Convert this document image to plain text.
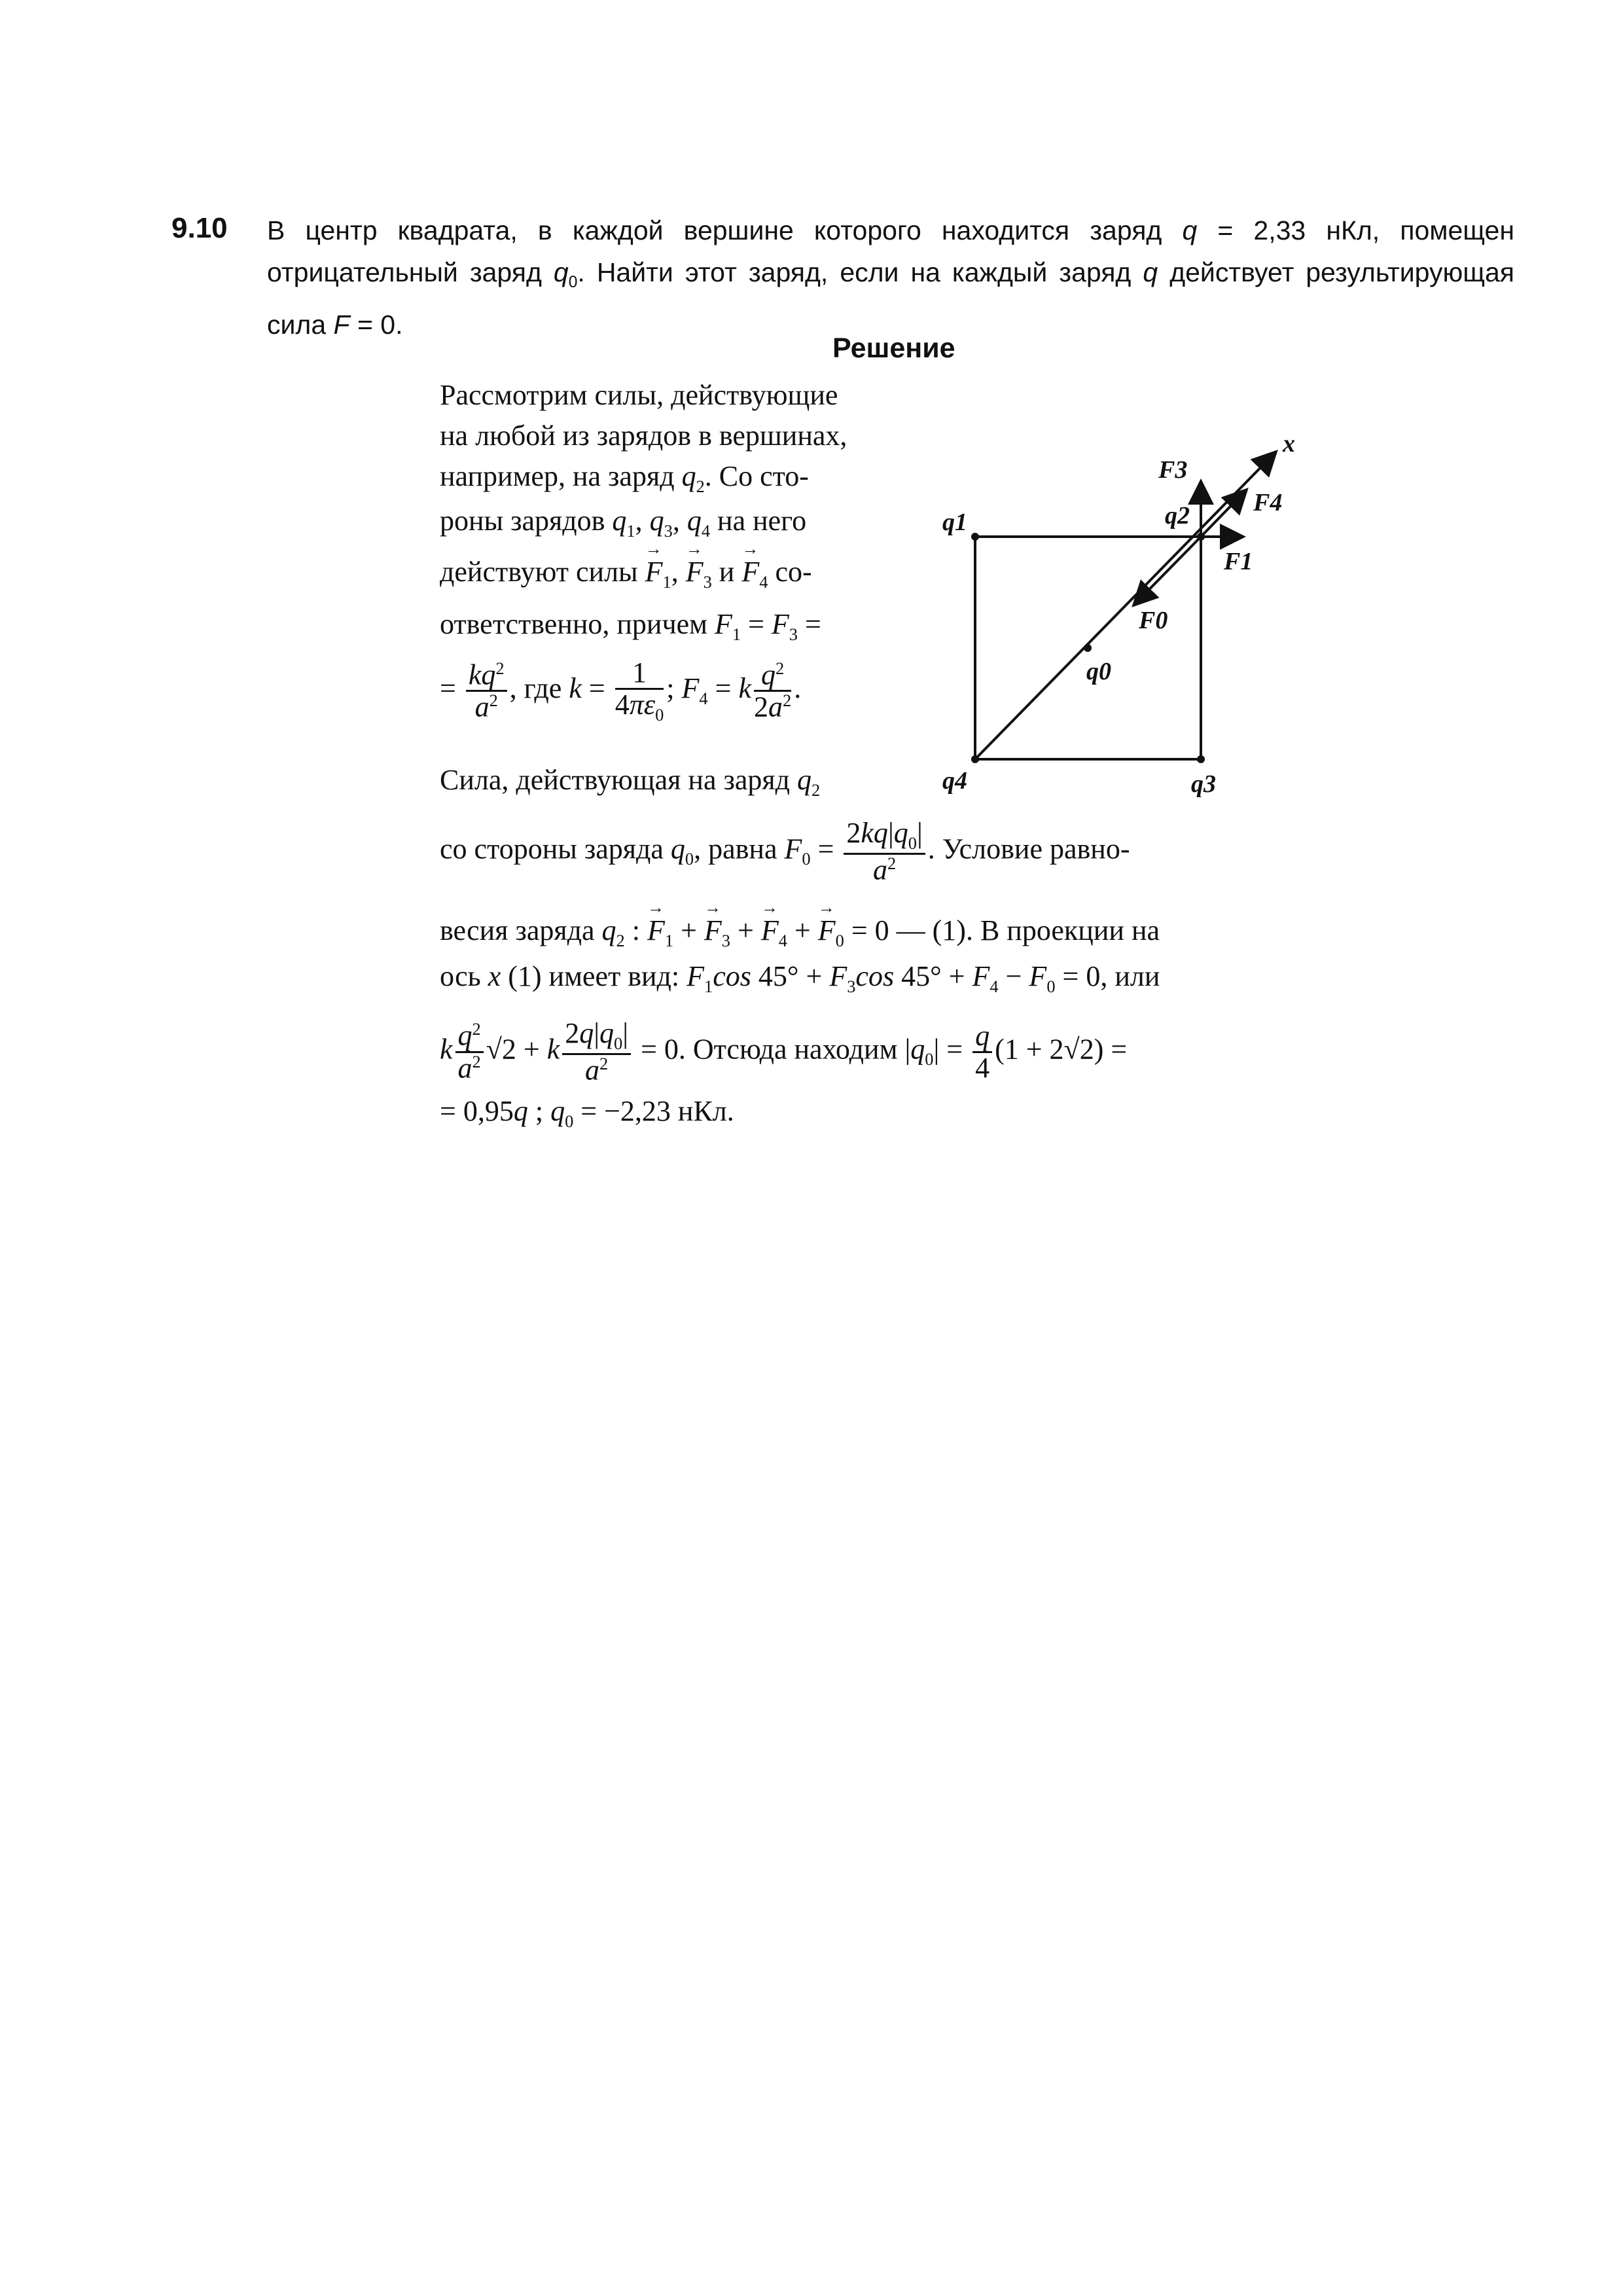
9.10 В центр квадрата, в каждой вершине которого находится заряд q = 2,33 нКл, помещен отрицательный заряд $q_0$. Найти этот заряд, если на каждый заряд q действует результирующая сила F = 0.
Решение
Рассмотрим силы, действующие
на любой из зарядов в вершинах,
например, на заряд $q_2$. Со сто-
роны зарядов $q_1$, $q_3$, $q_4$ на него
действуют силы → $F_1$, → $F_3$ $и \to F_4$ со-
ответственно, причем $F_1 = F_3$ =
= $\frac{kq^2}{a^2}$ , где $k = \frac{1}{4\pi\varepsilon_0}$ ; $F_4 = k \frac{q^2}{2a^2}$ .
Сила, действующая на заряд $q_2$
со стороны заряда $q_0$, равна $F_0 = \frac{2kq|q_0|}{a^2}$ . Условие равно-
весия заряда $q_2$ : → $F_1$ + → $F_3$ + → $F_4$ + → $F_0 = 0$ — (1). В проекции на
ось x (1) имеет вид: $F_1\cos$ $45^\circ + F_3\cos$ $45^\circ + F_4 - F_0 = 0$, или
k $\frac{q^2}{a^2} √2 + k \frac{2q|q_0|}{a^2} = 0$. Отсюда находим $|q_0| = \frac{q}{4} (1 + 2√2)$ =
= 0,95q ; $q_0 = -2,23$ нКл.
q1	q2
q3
q4
q0
F1
F3
F4
F0
x
